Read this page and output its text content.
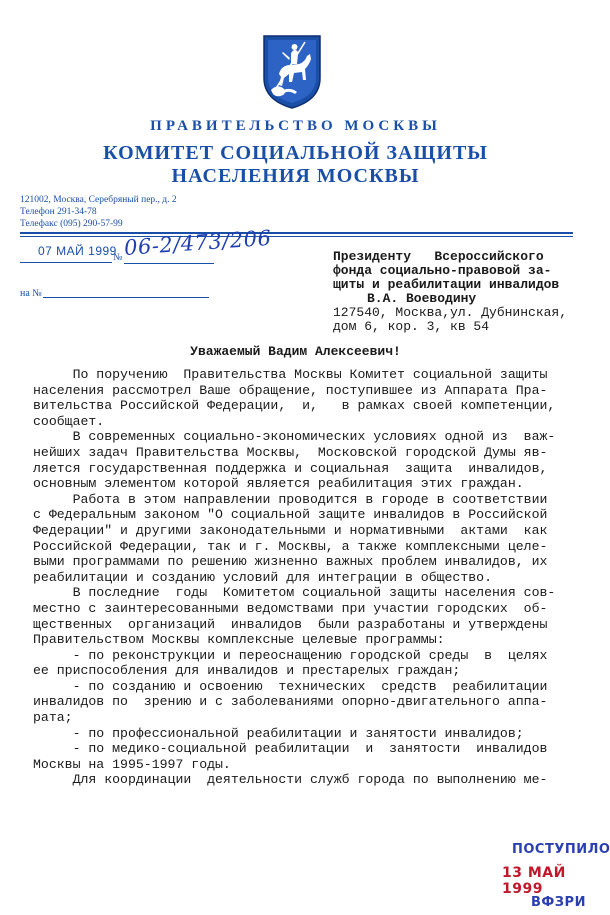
ПРАВИТЕЛЬСТВО МОСКВЫ
КОМИТЕТ СОЦИАЛЬНОЙ ЗАЩИТЫ
НАСЕЛЕНИЯ МОСКВЫ
121002, Москва, Серебряный пер., д. 2
Телефон 291-34-78
Телефакс (095) 290-57-99
07 МАЙ 1999
№ 06-2/473/206
на №
Президенту   Всероссийского
фонда социально-правовой за-
щиты и реабилитации инвалидов
В.А. Воеводину
127540, Москва,ул. Дубнинская,
дом 6, кор. 3, кв 54
Уважаемый Вадим Алексеевич!
По поручению  Правительства Москвы Комитет социальной защиты
населения рассмотрел Ваше обращение, поступившее из Аппарата Пра-
вительства Российской Федерации,  и,   в рамках своей компетенции,
сообщает.
В современных социально-экономических условиях одной из  важ-
нейших задач Правительства Москвы,  Московской городской Думы яв-
ляется государственная поддержка и социальная  защита  инвалидов,
основным элементом которой является реабилитация этих граждан.
Работа в этом направлении проводится в городе в соответствии
с Федеральным законом "О социальной защите инвалидов в Российской
Федерации" и другими законодательными и нормативными  актами  как
Российской Федерации, так и г. Москвы, а также комплексными целе-
выми программами по решению жизненно важных проблем инвалидов, их
реабилитации и созданию условий для интеграции в общество.
В последние  годы  Комитетом социальной защиты населения сов-
местно с заинтересованными ведомствами при участии городских  об-
щественных  организаций  инвалидов  были разработаны и утверждены
Правительством Москвы комплексные целевые программы:
- по реконструкции и переоснащению городской среды  в  целях
ее приспособления для инвалидов и престарелых граждан;
- по созданию и освоению  технических  средств  реабилитации
инвалидов по  зрению и с заболеваниями опорно-двигательного аппа-
рата;
- по профессиональной реабилитации и занятости инвалидов;
- по медико-социальной реабилитации  и  занятости  инвалидов
Москвы на 1995-1997 годы.
Для координации  деятельности служб города по выполнению ме-
ПОСТУПИЛО
13 МАЙ 1999
ВФЗРИ
